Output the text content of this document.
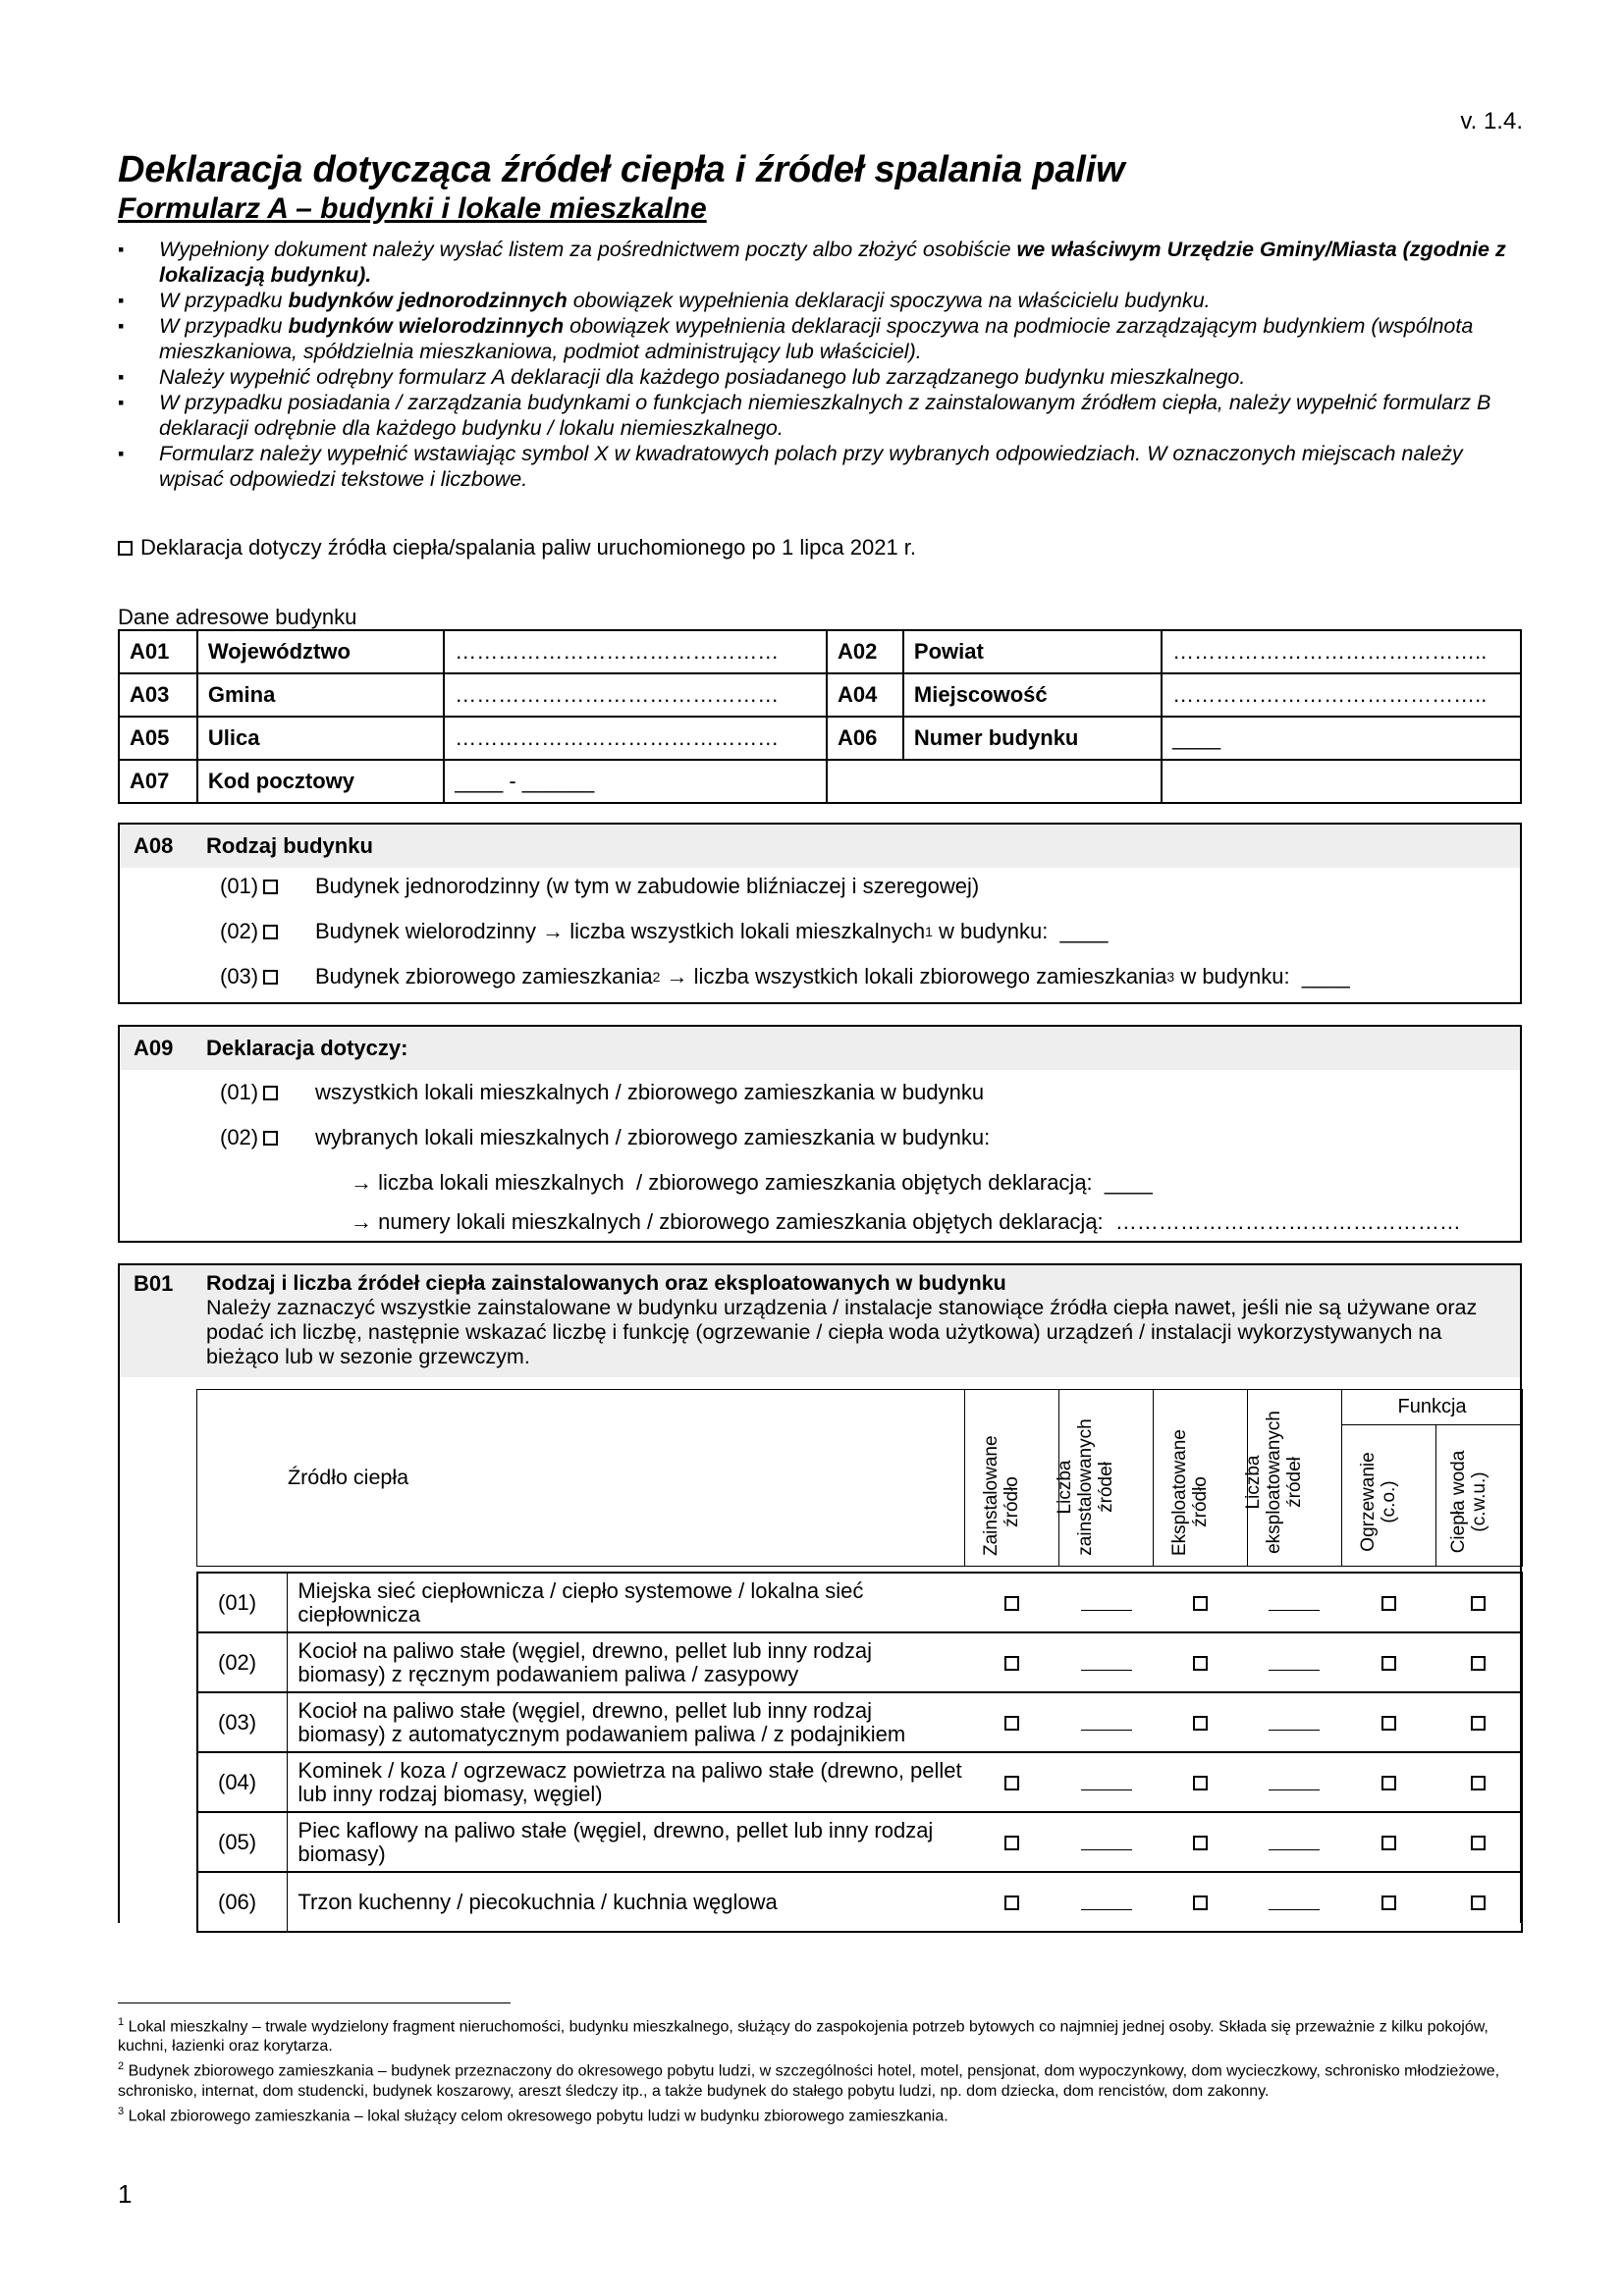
v. 1.4.
Deklaracja dotycząca źródeł ciepła i źródeł spalania paliw
Formularz A – budynki i lokale mieszkalne
▪ Wypełniony dokument należy wysłać listem za pośrednictwem poczty albo złożyć osobiście we właściwym Urzędzie Gminy/Miasta (zgodnie z lokalizacją budynku).
▪ W przypadku budynków jednorodzinnych obowiązek wypełnienia deklaracji spoczywa na właścicielu budynku.
▪ W przypadku budynków wielorodzinnych obowiązek wypełnienia deklaracji spoczywa na podmiocie zarządzającym budynkiem (wspólnota mieszkaniowa, spółdzielnia mieszkaniowa, podmiot administrujący lub właściciel).
▪ Należy wypełnić odrębny formularz A deklaracji dla każdego posiadanego lub zarządzanego budynku mieszkalnego.
▪ W przypadku posiadania / zarządzania budynkami o funkcjach niemieszkalnych z zainstalowanym źródłem ciepła, należy wypełnić formularz B deklaracji odrębnie dla każdego budynku / lokalu niemieszkalnego.
▪ Formularz należy wypełnić wstawiając symbol X w kwadratowych polach przy wybranych odpowiedziach. W oznaczonych miejscach należy wpisać odpowiedzi tekstowe i liczbowe.
Deklaracja dotyczy źródła ciepła/spalania paliw uruchomionego po 1 lipca 2021 r.
Dane adresowe budynku
A01	Województwo	………………………………………	A02	Powiat	……………………………………..
A03	Gmina	………………………………………	A04	Miejscowość	……………………………………..
A05	Ulica	………………………………………	A06	Numer budynku	____
A07	Kod pocztowy	____ - ______			
A08	Rodzaj budynku
(01)	Budynek jednorodzinny (w tym w zabudowie bliźniaczej i szeregowej)
(02)	Budynek wielorodzinny → liczba wszystkich lokali mieszkalnych 1 w budynku:  ____
(03)	Budynek zbiorowego zamieszkania 2 → liczba wszystkich lokali zbiorowego zamieszkania 3 w budynku:  ____
A09	Deklaracja dotyczy:
(01)	wszystkich lokali mieszkalnych / zbiorowego zamieszkania w budynku
(02)	wybranych lokali mieszkalnych / zbiorowego zamieszkania w budynku:
→ liczba lokali mieszkalnych  / zbiorowego zamieszkania objętych deklaracją:  ____
→ numery lokali mieszkalnych / zbiorowego zamieszkania objętych deklaracją:  …………………………………………
B01	Rodzaj i liczba źródeł ciepła zainstalowanych oraz eksploatowanych w budynku
Należy zaznaczyć wszystkie zainstalowane w budynku urządzenia / instalacje stanowiące źródła ciepła nawet, jeśli nie są używane oraz podać ich liczbę, następnie wskazać liczbę i funkcję (ogrzewanie / ciepła woda użytkowa) urządzeń / instalacji wykorzystywanych na bieżąco lub w sezonie grzewczym.
Źródło ciepła	Zainstalowane źródło	Liczba zainstalowanych źródeł	Eksploatowane źródło	Liczba eksploatowanych źródeł	Funkcja	

					Ogrzewanie (c.o.)	Ciepła woda (c.w.u.)
(01)	Miejska sieć ciepłownicza / ciepło systemowe / lokalna sieć ciepłownicza						
(02)	Kocioł na paliwo stałe (węgiel, drewno, pellet lub inny rodzaj biomasy) z ręcznym podawaniem paliwa / zasypowy						
(03)	Kocioł na paliwo stałe (węgiel, drewno, pellet lub inny rodzaj biomasy) z automatycznym podawaniem paliwa / z podajnikiem						
(04)	Kominek / koza / ogrzewacz powietrza na paliwo stałe (drewno, pellet lub inny rodzaj biomasy, węgiel)						
(05)	Piec kaflowy na paliwo stałe (węgiel, drewno, pellet lub inny rodzaj biomasy)						
(06)	Trzon kuchenny / piecokuchnia / kuchnia węglowa						
$^1$ Lokal mieszkalny – trwale wydzielony fragment nieruchomości, budynku mieszkalnego, służący do zaspokojenia potrzeb bytowych co najmniej jednej osoby. Składa się przeważnie z kilku pokojów, kuchni, łazienki oraz korytarza.
$^2$ Budynek zbiorowego zamieszkania – budynek przeznaczony do okresowego pobytu ludzi, w szczególności hotel, motel, pensjonat, dom wypoczynkowy, dom wycieczkowy, schronisko młodzieżowe, schronisko, internat, dom studencki, budynek koszarowy, areszt śledczy itp., a także budynek do stałego pobytu ludzi, np. dom dziecka, dom rencistów, dom zakonny.
$^3$ Lokal zbiorowego zamieszkania – lokal służący celom okresowego pobytu ludzi w budynku zbiorowego zamieszkania.
1
